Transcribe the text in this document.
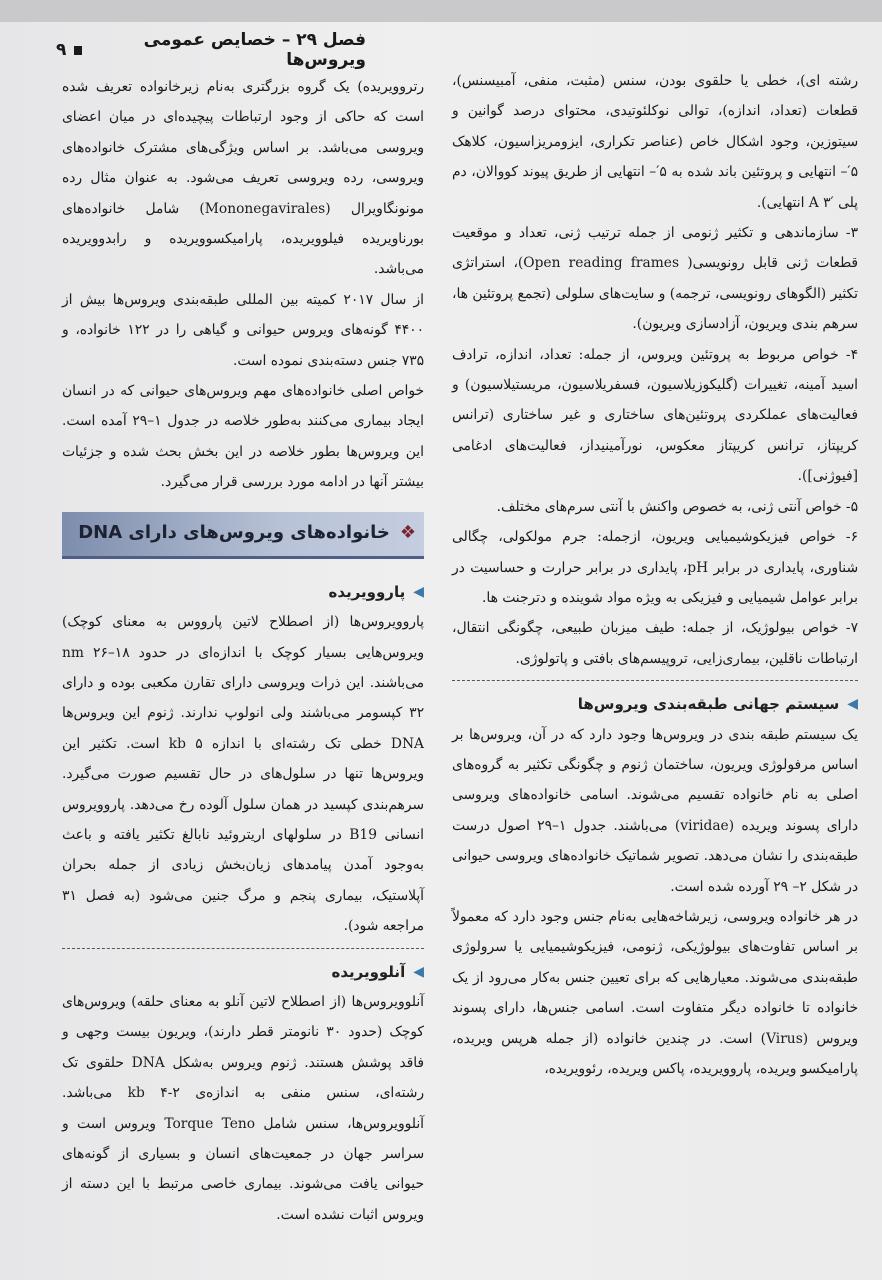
فصل ۲۹ – خصایص عمومی ویروس‌ها
۹

رشته ای)، خطی یا حلقوی بودن، سنس (مثبت، منفی، آمبیسنس)، قطعات (تعداد، اندازه)، توالی نوکلئوتیدی، محتوای درصد گوانین و سیتوزین، وجود اشکال خاص (عناصر تکراری، ایزومریزاسیون، کلاهک ۵′– انتهایی و پروتئین باند شده به ۵′– انتهایی از طریق پیوند کووالان، دم پلی A ۳′ انتهایی).

۳- سازماندهی و تکثیر ژنومی از جمله ترتیب ژنی، تعداد و موقعیت قطعات ژنی قابل رونویسی( Open reading frames)، استراتژی تکثیر (الگوهای رونویسی، ترجمه) و سایت‌های سلولی (تجمع پروتئین ها، سرهم بندی ویریون، آزادسازی ویریون).

۴- خواص مربوط به پروتئین ویروس، از جمله: تعداد، اندازه، ترادف اسید آمینه، تغییرات (گلیکوزیلاسیون، فسفریلاسیون، مریستیلاسیون) و فعالیت‌های عملکردی پروتئین‌های ساختاری و غیر ساختاری (ترانس کریپتاز، ترانس کریپتاز معکوس، نورآمینیداز، فعالیت‌های ادغامی [فیوژنی]).

۵- خواص آنتی ژنی، به خصوص واکنش با آنتی سرم‌های مختلف.

۶- خواص فیزیکوشیمیایی ویریون، ازجمله: جرم مولکولی، چگالی شناوری، پایداری در برابر pH، پایداری در برابر حرارت و حساسیت در برابر عوامل شیمیایی و فیزیکی به ویژه مواد شوینده و دترجنت ها.

۷- خواص بیولوژیک، از جمله: طیف میزبان طبیعی، چگونگی انتقال، ارتباطات ناقلین، بیماری‌زایی، تروپیسم‌های بافتی و پاتولوژی.

◀
سیستم جهانی طبقه‌بندی ویروس‌ها

یک سیستم طبقه بندی در ویروس‌ها وجود دارد که در آن، ویروس‌ها بر اساس مرفولوژی ویریون، ساختمان ژنوم و چگونگی تکثیر به گروه‌های اصلی به نام خانواده تقسیم می‌شوند. اسامی خانواده‌های ویروسی دارای پسوند ویریده (viridae) می‌باشند. جدول ۱–۲۹ اصول درست طبقه‌بندی را نشان می‌دهد. تصویر شماتیک خانواده‌های ویروسی حیوانی در شکل ۲– ۲۹ آورده شده است.

در هر خانواده ویروسی، زیرشاخه‌هایی به‌نام جنس وجود دارد که معمولاً بر اساس تفاوت‌های بیولوژیکی، ژنومی، فیزیکوشیمیایی یا سرولوژی طبقه‌بندی می‌شوند. معیارهایی که برای تعیین جنس به‌کار می‌رود از یک خانواده تا خانواده دیگر متفاوت است. اسامی جنس‌ها، دارای پسوند ویروس (Virus) است. در چندین خانواده (از جمله هرپس ویریده، پارامیکسو ویریده، پاروویریده، پاکس ویریده، رئوویریده،

رتروویریده) یک گروه بزرگتری به‌نام زیرخانواده تعریف شده است که حاکی از وجود ارتباطات پیچیده‌ای در میان اعضای ویروسی می‌باشد. بر اساس ویژگی‌های مشترک خانواده‌های ویروسی، رده ویروسی تعریف می‌شود. به عنوان مثال رده مونونگاویرال (Mononegavirales) شامل خانواده‌های بورناویریده فیلوویریده، پارامیکسوویریده و رابدوویریده می‌باشد.

از سال ۲۰۱۷ کمیته بین المللی طبقه‌بندی ویروس‌ها بیش از ۴۴۰۰ گونه‌های ویروس حیوانی و گیاهی را در ۱۲۲ خانواده، و ۷۳۵ جنس دسته‌بندی نموده است.

خواص اصلی خانواده‌های مهم ویروس‌های حیوانی که در انسان ایجاد بیماری می‌کنند به‌طور خلاصه در جدول ۱–۲۹ آمده است. این ویروس‌ها بطور خلاصه در این بخش بحث شده و جزئیات بیشتر آنها در ادامه مورد بررسی قرار می‌گیرد.

❖
خانواده‌های ویروس‌های دارای DNA
◀
پاروویریده

پاروویروس‌ها (از اصطلاح لاتین پارووس به معنای کوچک) ویروس‌هایی بسیار کوچک با اندازه‌ای در حدود ۱۸–۲۶ nm می‌باشند. این ذرات ویروسی دارای تقارن مکعبی بوده و دارای ۳۲ کپسومر می‌باشند ولی انولوپ ندارند. ژنوم این ویروس‌ها DNA خطی تک رشته‌ای با اندازه ۵ kb است. تکثیر این ویروس‌ها تنها در سلول‌های در حال تقسیم صورت می‌گیرد. سرهم‌بندی کپسید در همان سلول آلوده رخ می‌دهد. پاروویروس انسانی B19 در سلولهای اریتروئید نابالغ تکثیر یافته و باعث به‌وجود آمدن پیامدهای زیان‌بخش زیادی از جمله بحران آپلاستیک، بیماری پنجم و مرگ جنین می‌شود (به فصل ۳۱ مراجعه شود).

◀
آنلوویریده

آنلوویروس‌ها (از اصطلاح لاتین آنلو به معنای حلقه) ویروس‌های کوچک (حدود ۳۰ نانومتر قطر دارند)، ویریون بیست وجهی و فاقد پوشش هستند. ژنوم ویروس به‌شکل DNA حلقوی تک رشته‌ای، سنس منفی به اندازه‌ی ۲-۴ kb می‌باشد. آنلوویروس‌ها، سنس شامل Torque Teno ویروس است و سراسر جهان در جمعیت‌های انسان و بسیاری از گونه‌های حیوانی یافت می‌شوند. بیماری خاصی مرتبط با این دسته از ویروس اثبات نشده است.
